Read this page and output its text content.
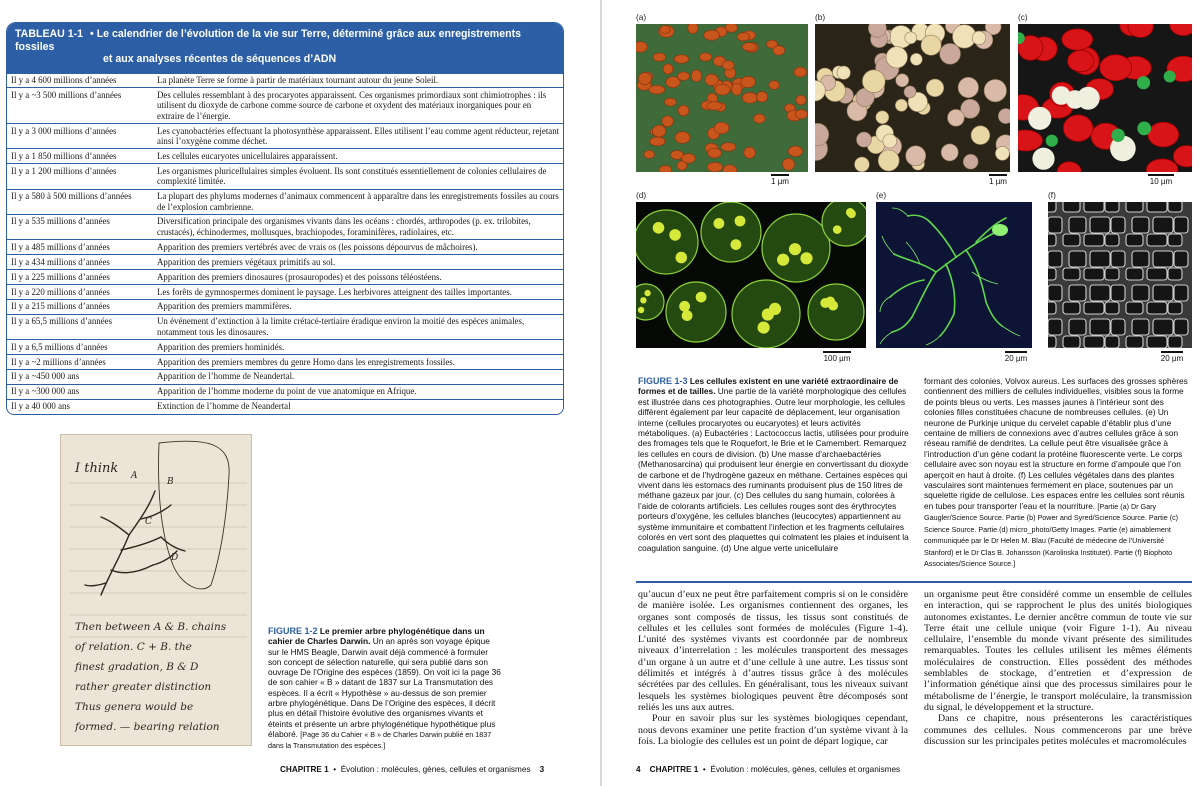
TABLEAU 1-1 • Le calendrier de l’évolution de la vie sur Terre, déterminé grâce aux enregistrements fossiles
et aux analyses récentes de séquences d’ADN
Il y a 4 600 millions d’années	La planète Terre se forme à partir de matériaux tournant autour du jeune Soleil.
Il y a ~3 500 millions d’années	Des cellules ressemblant à des procaryotes apparaissent. Ces organismes primordiaux sont chimiotrophes : ils utilisent du dioxyde de carbone comme source de carbone et oxydent des matériaux inorganiques pour en extraire de l’énergie.
Il y a 3 000 millions d’années	Les cyanobactéries effectuant la photosynthèse apparaissent. Elles utilisent l’eau comme agent réducteur, rejetant ainsi l’oxygène comme déchet.
Il y a 1 850 millions d’années	Les cellules eucaryotes unicellulaires apparaissent.
Il y a 1 200 millions d’années	Les organismes pluricellulaires simples évoluent. Ils sont constitués essentiellement de colonies cellulaires de complexité limitée.
Il y a 580 à 500 millions d’années	La plupart des phylums modernes d’animaux commencent à apparaître dans les enregistrements fossiles au cours de l’explosion cambrienne.
Il y a 535 millions d’années	Diversification principale des organismes vivants dans les océans : chordés, arthropodes (p. ex. trilobites, crustacés), échinodermes, mollusques, brachiopodes, foraminifères, radiolaires, etc.
Il y a 485 millions d’années	Apparition des premiers vertébrés avec de vrais os (les poissons dépourvus de mâchoires).
Il y a 434 millions d’années	Apparition des premiers végétaux primitifs au sol.
Il y a 225 millions d’années	Apparition des premiers dinosaures (prosauropodes) et des poissons téléostéens.
Il y a 220 millions d’années	Les forêts de gymnospermes dominent le paysage. Les herbivores atteignent des tailles importantes.
Il y a 215 millions d’années	Apparition des premiers mammifères.
Il y a 65,5 millions d’années	Un événement d’extinction à la limite crétacé-tertiaire éradique environ la moitié des espèces animales, notamment tous les dinosaures.
Il y a 6,5 millions d’années	Apparition des premiers hominidés.
Il y a ~2 millions d’années	Apparition des premiers membres du genre Homo dans les enregistrements fossiles.
Il y a ~450 000 ans	Apparition de l’homme de Neandertal.
Il y a ~300 000 ans	Apparition de l’homme moderne du point de vue anatomique en Afrique.
Il y a 40 000 ans	Extinction de l’homme de Neandertal
I think A
B
C
D
Then between A & B. chains
of relation. C + B. the
finest gradation, B & D
rather greater distinction
Thus genera would be
formed. — bearing relation
FIGURE 1-2 Le premier arbre phylogénétique dans un cahier de Charles Darwin. Un an après son voyage épique sur le HMS Beagle, Darwin avait déjà commencé à formuler son concept de sélection naturelle, qui sera publié dans son ouvrage De l’Origine des espèces (1859). On voit ici la page 36 de son cahier « B » datant de 1837 sur La Transmutation des espèces. Il a écrit « Hypothèse » au-dessus de son premier arbre phylogénétique. Dans De l’Origine des espèces, il décrit plus en détail l’histoire évolutive des organismes vivants et éteints et présente un arbre phylogénétique hypothétique plus élaboré. [Page 36 du Cahier « B » de Charles Darwin publié en 1837 dans la Transmutation des espèces.]
CHAPITRE 1 • Évolution : molécules, gènes, cellules et organismes 3
(a)	(b)	(c)
(d)	(e)	(f)
1 µm	1 µm	10 µm
100 µm	20 µm	20 µm
FIGURE 1-3 Les cellules existent en une variété extraordinaire de formes et de tailles. Une partie de la variété morphologique des cellules est illustrée dans ces photographies. Outre leur morphologie, les cellules diffèrent également par leur capacité de déplacement, leur organisation interne (cellules procaryotes ou eucaryotes) et leurs activités métaboliques. (a) Eubactéries : Lactococcus lactis, utilisées pour produire des fromages tels que le Roquefort, le Brie et le Camembert. Remarquez les cellules en cours de division. (b) Une masse d’archaebactéries (Methanosarcina) qui produisent leur énergie en convertissant du dioxyde de carbone et de l’hydrogène gazeux en méthane. Certaines espèces qui vivent dans les estomacs des ruminants produisent plus de 150 litres de méthane gazeux par jour. (c) Des cellules du sang humain, colorées à l’aide de colorants artificiels. Les cellules rouges sont des érythrocytes porteurs d’oxygène, les cellules blanches (leucocytes) appartiennent au système immunitaire et combattent l’infection et les fragments cellulaires colorés en vert sont des plaquettes qui colmatent les plaies et induisent la coagulation sanguine. (d) Une algue verte unicellulaire
formant des colonies, Volvox aureus. Les surfaces des grosses sphères contiennent des milliers de cellules individuelles, visibles sous la forme de points bleus ou verts. Les masses jaunes à l’intérieur sont des colonies filles constituées chacune de nombreuses cellules. (e) Un neurone de Purkinje unique du cervelet capable d’établir plus d’une centaine de milliers de connexions avec d’autres cellules grâce à son réseau ramifié de dendrites. La cellule peut être visualisée grâce à l’introduction d’un gène codant la protéine fluorescente verte. Le corps cellulaire avec son noyau est la structure en forme d’ampoule que l’on aperçoit en haut à droite. (f) Les cellules végétales dans des plantes vasculaires sont maintenues fermement en place, soutenues par un squelette rigide de cellulose. Les espaces entre les cellules sont réunis en tubes pour transporter l’eau et la nourriture. [Partie (a) Dr Gary Gaugler/Science Source. Partie (b) Power and Syred/Science Source. Partie (c) Science Source. Partie (d) micro_photo/Getty Images. Partie (e) aimablement communiquée par le Dr Helen M. Blau (Faculté de médecine de l’Université Stanford) et le Dr Clas B. Johansson (Karolinska Institutet). Partie (f) Biophoto Associates/Science Source.]
qu’aucun d’eux ne peut être parfaitement compris si on le considère de manière isolée. Les organismes contiennent des organes, les organes sont composés de tissus, les tissus sont constitués de cellules et les cellules sont formées de molécules (Figure 1-4). L’unité des systèmes vivants est coordonnée par de nombreux niveaux d’interrelation : les molécules transportent des messages d’un organe à un autre et d’une cellule à une autre. Les tissus sont délimités et intégrés à d’autres tissus grâce à des molécules sécrétées par des cellules. En généralisant, tous les niveaux suivant lesquels les systèmes biologiques peuvent être décomposés sont reliés les uns aux autres.
Pour en savoir plus sur les systèmes biologiques cependant, nous devons examiner une petite fraction d’un système vivant à la fois. La biologie des cellules est un point de départ logique, car
un organisme peut être considéré comme un ensemble de cellules en interaction, qui se rapprochent le plus des unités biologiques autonomes existantes. Le dernier ancêtre commun de toute vie sur Terre était une cellule unique (voir Figure 1-1). Au niveau cellulaire, l’ensemble du monde vivant présente des similitudes remarquables. Toutes les cellules utilisent les mêmes éléments moléculaires de construction. Elles possèdent des méthodes semblables de stockage, d’entretien et d’expression de l’information génétique ainsi que des processus similaires pour le métabolisme de l’énergie, le transport moléculaire, la transmission du signal, le développement et la structure.
Dans ce chapitre, nous présenterons les caractéristiques communes des cellules. Nous commencerons par une brève discussion sur les principales petites molécules et macromolécules
4 CHAPITRE 1 • Évolution : molécules, gènes, cellules et organismes
